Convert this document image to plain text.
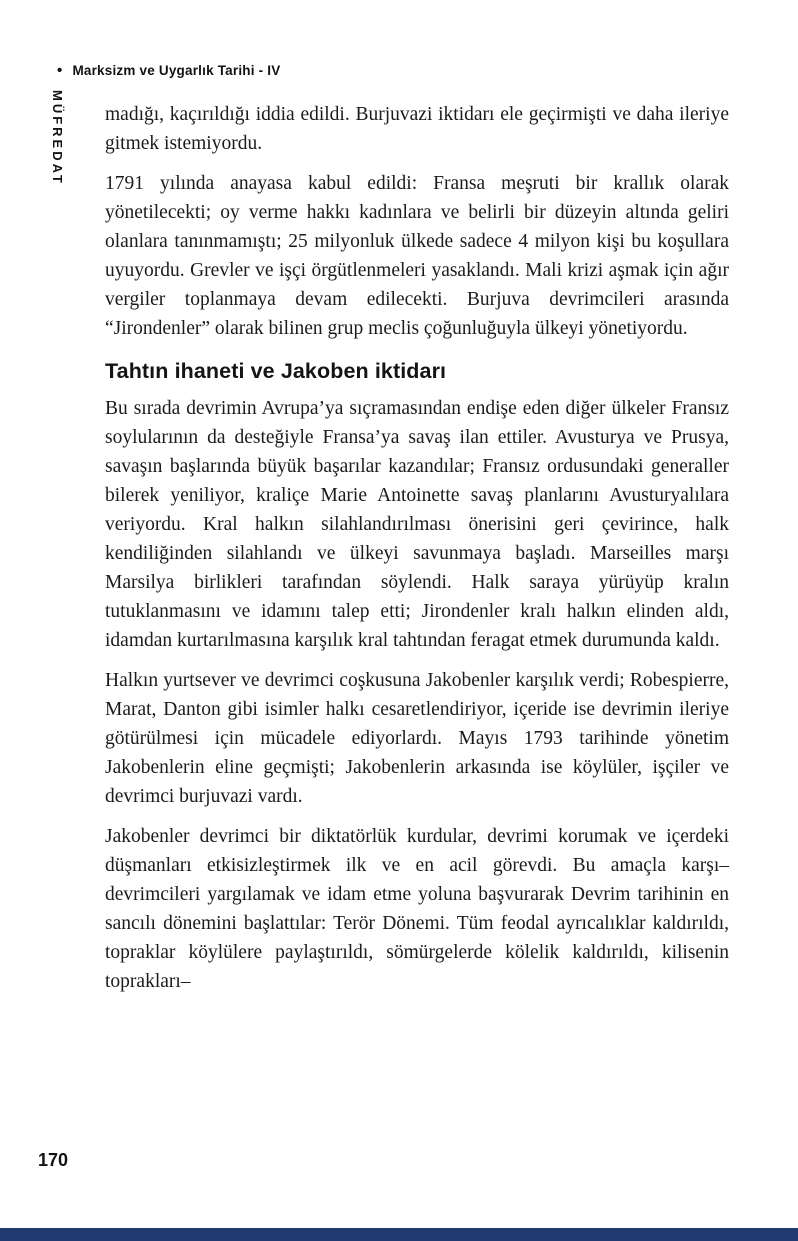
• Marksizm ve Uygarlık Tarihi - IV
MÜFREDAT madığı, kaçırıldığı iddia edildi. Burjuvazi iktidarı ele geçirmişti ve daha ileriye gitmek istemiyordu.

1791 yılında anayasa kabul edildi: Fransa meşruti bir krallık olarak yönetilecekti; oy verme hakkı kadınlara ve belirli bir düzeyin altında geliri olanlara tanınmamıştı; 25 milyonluk ülkede sadece 4 milyon kişi bu koşullara uyuyordu. Grevler ve işçi örgütlenmeleri yasaklandı. Mali krizi aşmak için ağır vergiler toplanmaya devam edilecekti. Burjuva devrimcileri arasında “Jirondenler” olarak bilinen grup meclis çoğunluğuyla ülkeyi yönetiyordu.

Tahtın ihaneti ve Jakoben iktidarı

Bu sırada devrimin Avrupa’ya sıçramasından endişe eden diğer ülkeler Fransız soylularının da desteğiyle Fransa’ya savaş ilan ettiler. Avusturya ve Prusya, savaşın başlarında büyük başarılar kazandılar; Fransız ordusundaki generaller bilerek yeniliyor, kraliçe Marie Antoinette savaş planlarını Avusturyalılara veriyordu. Kral halkın silahlandırılması önerisini geri çevirince, halk kendiliğinden silahlandı ve ülkeyi savunmaya başladı. Marseilles marşı Marsilya birlikleri tarafından söylendi. Halk saraya yürüyüp kralın tutuklanmasını ve idamını talep etti; Jirondenler kralı halkın elinden aldı, idamdan kurtarılmasına karşılık kral tahtından feragat etmek durumunda kaldı.

Halkın yurtsever ve devrimci coşkusuna Jakobenler karşılık verdi; Robespierre, Marat, Danton gibi isimler halkı cesaretlendiriyor, içeride ise devrimin ileriye götürülmesi için mücadele ediyorlardı. Mayıs 1793 tarihinde yönetim Jakobenlerin eline geçmişti; Jakobenlerin arkasında ise köylüler, işçiler ve devrimci burjuvazi vardı.

Jakobenler devrimci bir diktatörlük kurdular, devrimi korumak ve içerdeki düşmanları etkisizleştirmek ilk ve en acil görevdi. Bu amaçla karşı–devrimcileri yargılamak ve idam etme yoluna başvurarak Devrim tarihinin en sancılı dönemini başlattılar: Terör Dönemi. Tüm feodal ayrıcalıklar kaldırıldı, topraklar köylülere paylaştırıldı, sömürgelerde kölelik kaldırıldı, kilisenin toprakları–

170
